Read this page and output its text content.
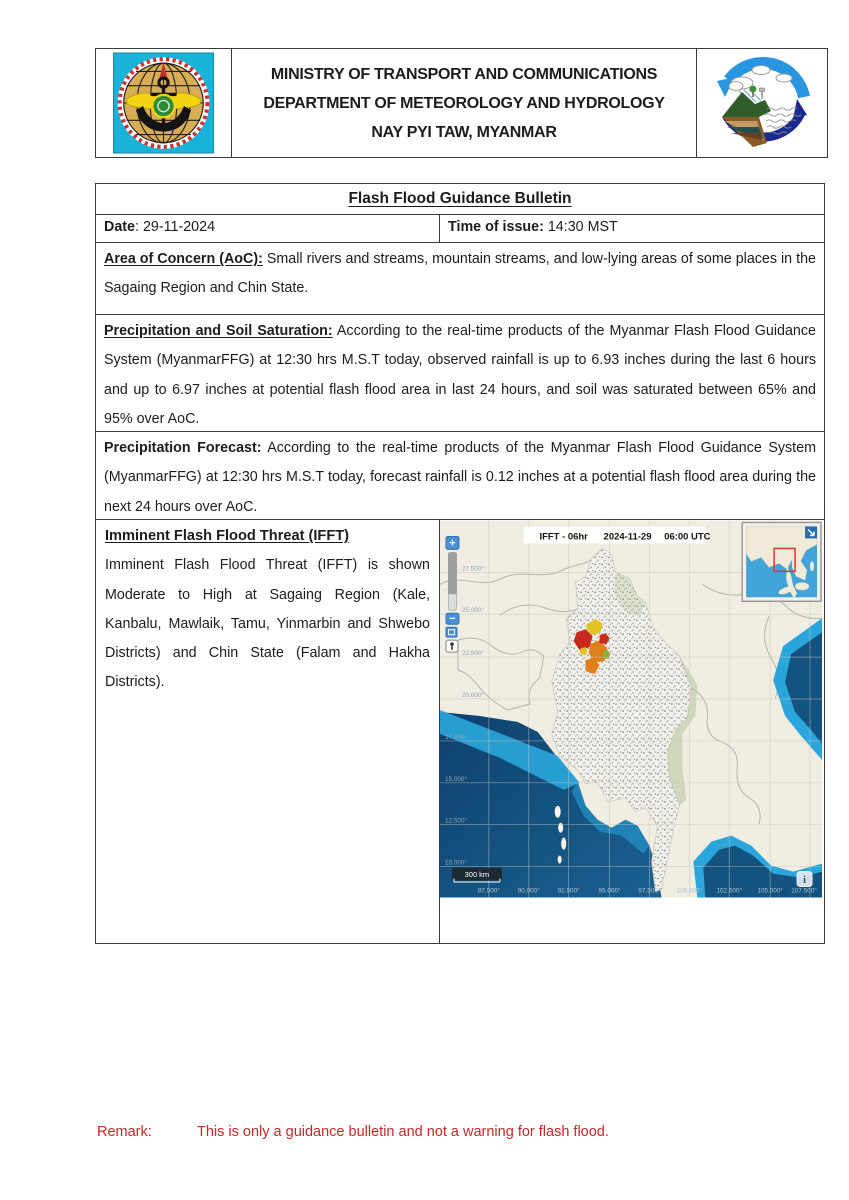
MINISTRY OF TRANSPORT AND COMMUNICATIONS
DEPARTMENT OF METEOROLOGY AND HYDROLOGY
NAY PYI TAW, MYANMAR
Flash Flood Guidance Bulletin
Date: 29-11-2024	Time of issue: 14:30 MST
Area of Concern (AoC): Small rivers and streams, mountain streams, and low-lying areas of some places in the Sagaing Region and Chin State.
Precipitation and Soil Saturation: According to the real-time products of the Myanmar Flash Flood Guidance System (MyanmarFFG) at 12:30 hrs M.S.T today, observed rainfall is up to 6.93 inches during the last 6 hours and up to 6.97 inches at potential flash flood area in last 24 hours, and soil was saturated between 65% and 95% over AoC.
Precipitation Forecast: According to the real-time products of the Myanmar Flash Flood Guidance System (MyanmarFFG) at 12:30 hrs M.S.T today, forecast rainfall is 0.12 inches at a potential flash flood area during the next 24 hours over AoC.
Imminent Flash Flood Threat (IFFT)
Imminent Flash Flood Threat (IFFT) is shown Moderate to High at Sagaing Region (Kale, Kanbalu, Mawlaik, Tamu, Yinmarbin and Shwebo Districts) and Chin State (Falam and Hakha Districts).
27.500°
25.000°
22.500°
20.000°
17.500°
15.000°
12.500°
10.000°
87.500°	90.000°	92.500°	95.000°	97.500°	100.000° 102.500° 105.000° 107.500°
IFFT - 06hr 2024-11-29 06:00 UTC
+
−
300 km
i
Remark:	This is only a guidance bulletin and not a warning for flash flood.
